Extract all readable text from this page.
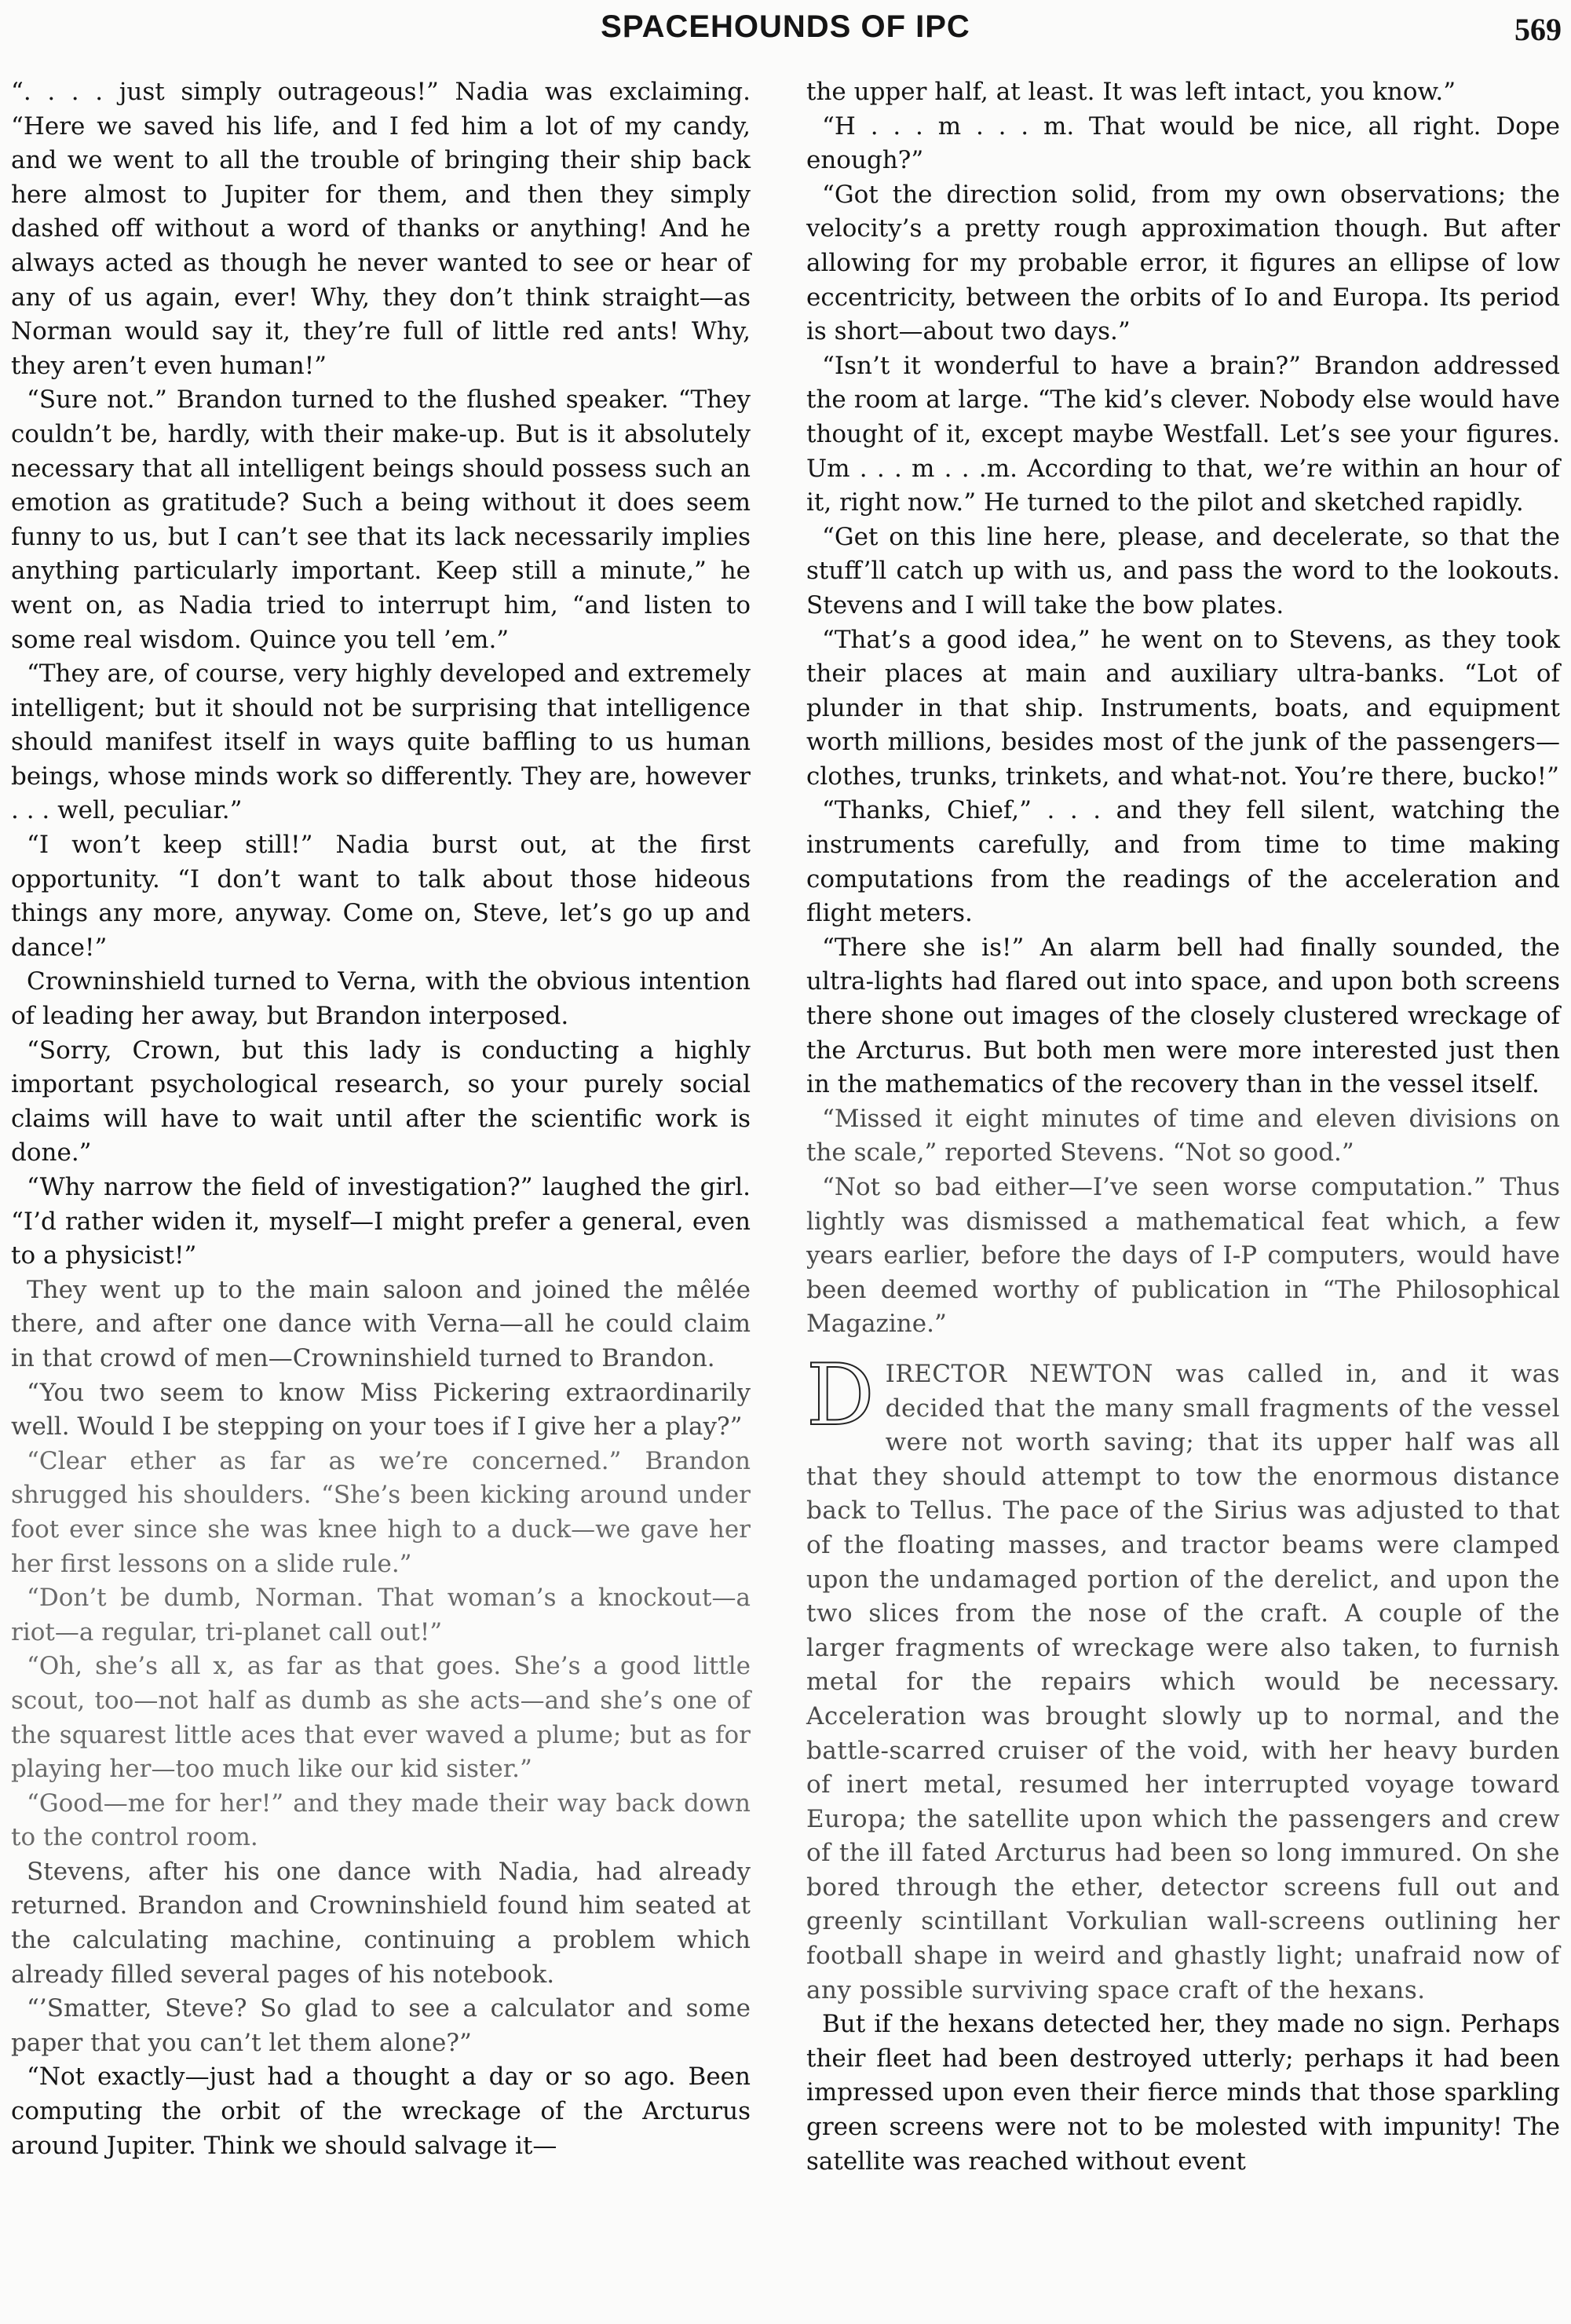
SPACEHOUNDS OF IPC	569

“. . . . just simply outrageous!” Nadia was exclaiming. “Here we saved his life, and I fed him a lot of my candy, and we went to all the trouble of bringing their ship back here almost to Jupiter for them, and then they simply dashed off without a word of thanks or anything! And he always acted as though he never wanted to see or hear of any of us again, ever! Why, they don’t think straight—as Norman would say it, they’re full of little red ants! Why, they aren’t even human!”

“Sure not.” Brandon turned to the flushed speaker. “They couldn’t be, hardly, with their make-up. But is it absolutely necessary that all intelligent beings should possess such an emotion as gratitude? Such a being without it does seem funny to us, but I can’t see that its lack necessarily implies anything particularly important. Keep still a minute,” he went on, as Nadia tried to interrupt him, “and listen to some real wisdom. Quince you tell ’em.”

“They are, of course, very highly developed and extremely intelligent; but it should not be surprising that intelligence should manifest itself in ways quite baffling to us human beings, whose minds work so differently. They are, however . . . well, peculiar.”

“I won’t keep still!” Nadia burst out, at the first opportunity. “I don’t want to talk about those hideous things any more, anyway. Come on, Steve, let’s go up and dance!”

Crowninshield turned to Verna, with the obvious intention of leading her away, but Brandon interposed.

“Sorry, Crown, but this lady is conducting a highly important psychological research, so your purely social claims will have to wait until after the scientific work is done.”

“Why narrow the field of investigation?” laughed the girl. “I’d rather widen it, myself—I might prefer a general, even to a physicist!”

They went up to the main saloon and joined the mêlée there, and after one dance with Verna—all he could claim in that crowd of men—Crowninshield turned to Brandon.

“You two seem to know Miss Pickering extraordinarily well. Would I be stepping on your toes if I give her a play?”

“Clear ether as far as we’re concerned.” Brandon shrugged his shoulders. “She’s been kicking around under foot ever since she was knee high to a duck—we gave her her first lessons on a slide rule.”

“Don’t be dumb, Norman. That woman’s a knockout—a riot—a regular, tri-planet call out!”

“Oh, she’s all x, as far as that goes. She’s a good little scout, too—not half as dumb as she acts—and she’s one of the squarest little aces that ever waved a plume; but as for playing her—too much like our kid sister.”

“Good—me for her!” and they made their way back down to the control room.

Stevens, after his one dance with Nadia, had already returned. Brandon and Crowninshield found him seated at the calculating machine, continuing a problem which already filled several pages of his notebook.

“’Smatter, Steve? So glad to see a calculator and some paper that you can’t let them alone?”

“Not exactly—just had a thought a day or so ago. Been computing the orbit of the wreckage of the Arcturus around Jupiter. Think we should salvage it—

the upper half, at least. It was left intact, you know.”

“H . . . m . . . m. That would be nice, all right. Dope enough?”

“Got the direction solid, from my own observations; the velocity’s a pretty rough approximation though. But after allowing for my probable error, it figures an ellipse of low eccentricity, between the orbits of Io and Europa. Its period is short—about two days.”

“Isn’t it wonderful to have a brain?” Brandon addressed the room at large. “The kid’s clever. Nobody else would have thought of it, except maybe Westfall. Let’s see your figures. Um . . . m . . .m. According to that, we’re within an hour of it, right now.” He turned to the pilot and sketched rapidly.

“Get on this line here, please, and decelerate, so that the stuff’ll catch up with us, and pass the word to the lookouts. Stevens and I will take the bow plates.

“That’s a good idea,” he went on to Stevens, as they took their places at main and auxiliary ultra-banks. “Lot of plunder in that ship. Instruments, boats, and equipment worth millions, besides most of the junk of the passengers—clothes, trunks, trinkets, and what-not. You’re there, bucko!”

“Thanks, Chief,” . . . and they fell silent, watching the instruments carefully, and from time to time making computations from the readings of the acceleration and flight meters.

“There she is!” An alarm bell had finally sounded, the ultra-lights had flared out into space, and upon both screens there shone out images of the closely clustered wreckage of the Arcturus. But both men were more interested just then in the mathematics of the recovery than in the vessel itself.

“Missed it eight minutes of time and eleven divisions on the scale,” reported Stevens. “Not so good.”

“Not so bad either—I’ve seen worse computation.” Thus lightly was dismissed a mathematical feat which, a few years earlier, before the days of I-P computers, would have been deemed worthy of publication in “The Philosophical Magazine.”

DIRECTOR NEWTON was called in, and it was decided that the many small fragments of the vessel were not worth saving; that its upper half was all that they should attempt to tow the enormous distance back to Tellus. The pace of the Sirius was adjusted to that of the floating masses, and tractor beams were clamped upon the undamaged portion of the derelict, and upon the two slices from the nose of the craft. A couple of the larger fragments of wreckage were also taken, to furnish metal for the repairs which would be necessary. Acceleration was brought slowly up to normal, and the battle-scarred cruiser of the void, with her heavy burden of inert metal, resumed her interrupted voyage toward Europa; the satellite upon which the passengers and crew of the ill fated Arcturus had been so long immured. On she bored through the ether, detector screens full out and greenly scintillant Vorkulian wall-screens outlining her football shape in weird and ghastly light; unafraid now of any possible surviving space craft of the hexans.

But if the hexans detected her, they made no sign. Perhaps their fleet had been destroyed utterly; perhaps it had been impressed upon even their fierce minds that those sparkling green screens were not to be molested with impunity! The satellite was reached without event
